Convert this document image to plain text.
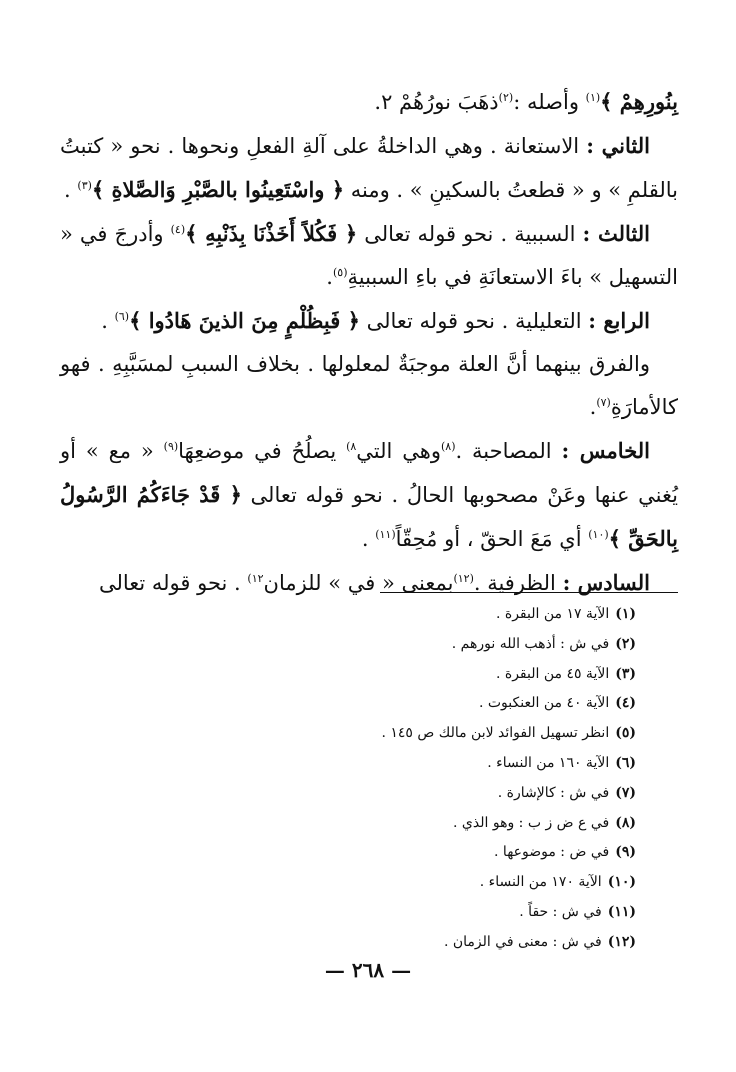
بِنُورِهِمْ ﴾$^{(١)}$ وأصله :$^{(٢)}$ذهَبَ نورُهُمْ ٢.

الثاني : الاستعانة . وهي الداخلةُ على آلةِ الفعلِ ونحوها . نحو « كتبتُ بالقلمِ » و « قطعتُ بالسكينِ » . ومنه ﴿ واسْتَعِينُوا بالصَّبْرِ وَالصَّلاةِ ﴾$^{(٣)}$ .

الثالث : السببية . نحو قوله تعالى ﴿ فَكُلاً أَخَذْنَا بِذَنْبِهِ ﴾$^{(٤)}$ وأدرجَ في « التسهيل » باءَ الاستعانَةِ في باءِ السببيةِ$^{(٥)}$.

الرابع : التعليلية . نحو قوله تعالى ﴿ فَبِظُلْمٍ مِنَ الذينَ هَادُوا ﴾$^{(٦)}$ .

والفرق بينهما أنَّ العلة موجبَةٌ لمعلولها . بخلاف السببِ لمسَبَّبِهِ . فهو كالأمارَةِ$^{(٧)}$.

الخامس : المصاحبة .$^{(٨)}$وهي التي$^{٨)}$ يصلُحُ في موضعِهَا$^{(٩)}$ « مع » أو يُغني عنها وعَنْ مصحوبها الحالُ . نحو قوله تعالى ﴿ قَدْ جَاءَكُمُ الرَّسُولُ بِالحَقِّ ﴾$^{(١٠)}$ أي مَعَ الحقّ ، أو مُحِقّاً$^{(١١)}$ .

السادس : الظرفية .$^{(١٢)}$بمعنى « في » للزمان$^{١٢)}$ . نحو قوله تعالى

(١)الآية ١٧ من البقرة .
(٢)في ش : أذهب الله نورهم .
(٣)الآية ٤٥ من البقرة .
(٤)الآية ٤٠ من العنكبوت .
(٥)انظر تسهيل الفوائد لابن مالك ص ١٤٥ .
(٦)الآية ١٦٠ من النساء .
(٧)في ش : كالإشارة .
(٨)في ع ض ز ب : وهو الذي .
(٩)في ض : موضوعها .
(١٠)الآية ١٧٠ من النساء .
(١١)في ش : حقاً .
(١٢)في ش : معنى في الزمان .
— ٢٦٨ —
